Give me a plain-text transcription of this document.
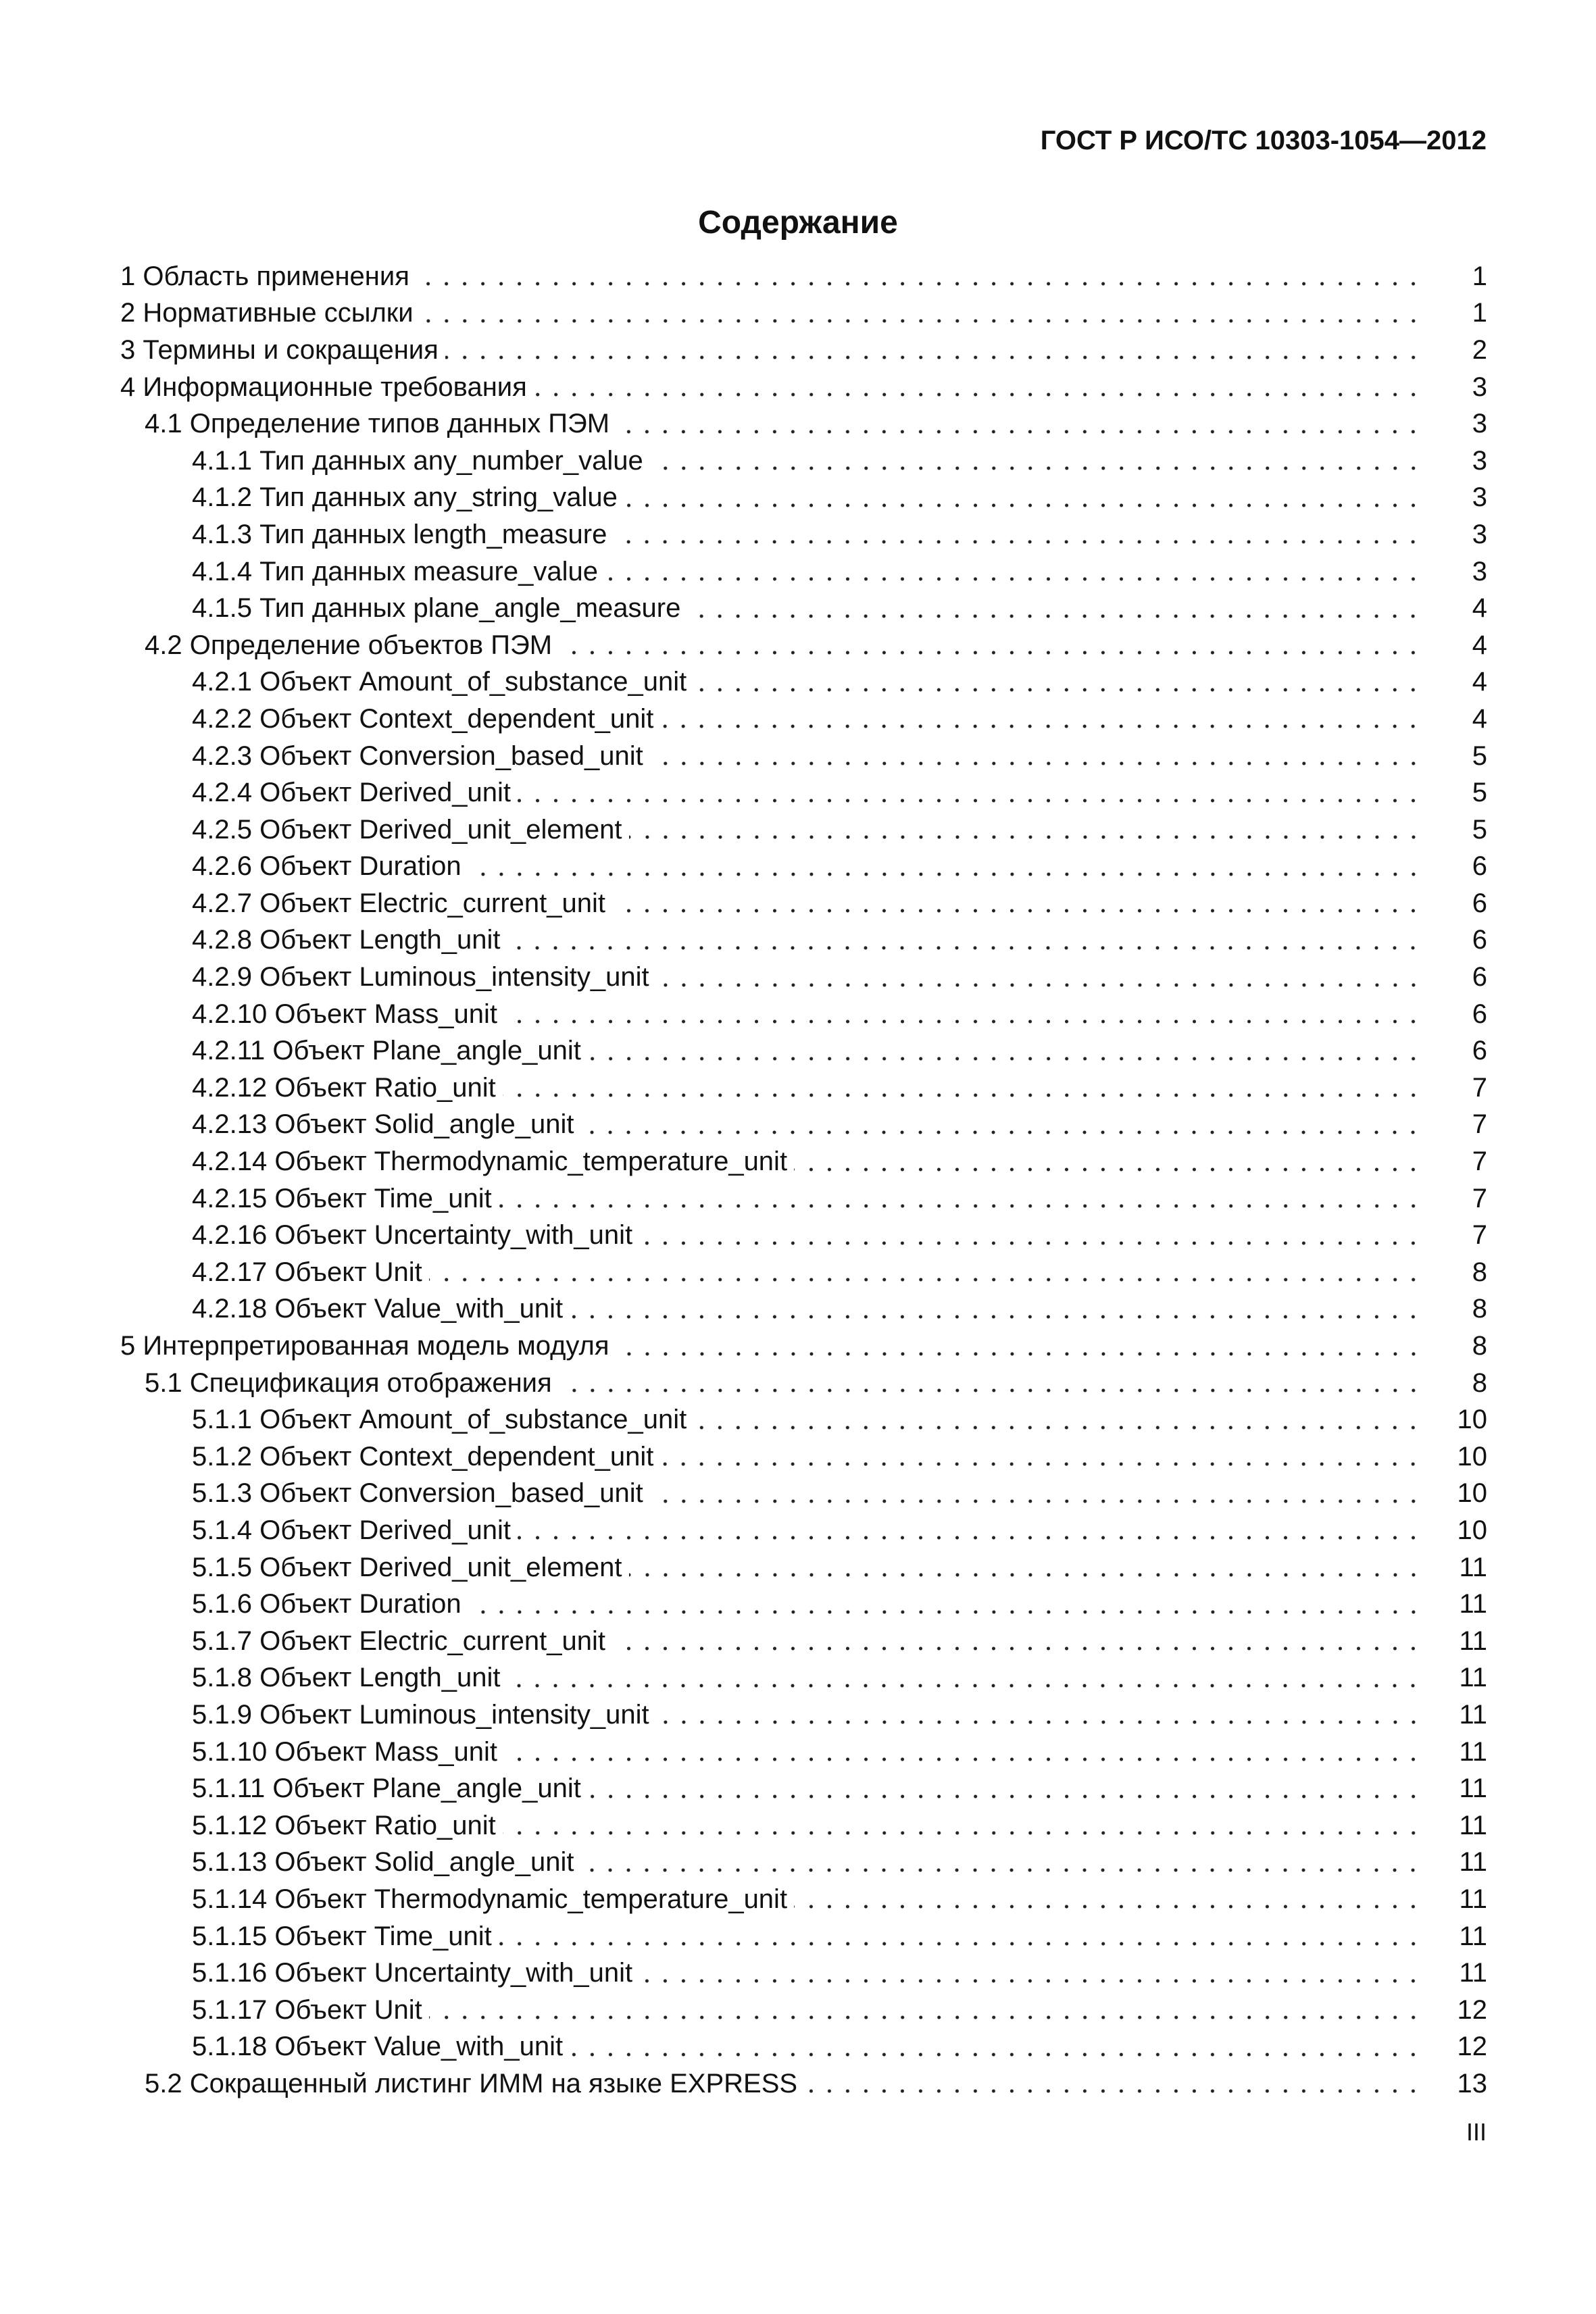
ГОСТ Р ИСО/ТС 10303-1054—2012
Содержание
1 Область применения	1
2 Нормативные ссылки	1
3 Термины и сокращения	2
4 Информационные требования	3
4.1 Определение типов данных ПЭМ	3
4.1.1 Тип данных any_number_value	3
4.1.2 Тип данных any_string_value	3
4.1.3 Тип данных length_measure	3
4.1.4 Тип данных measure_value	3
4.1.5 Тип данных plane_angle_measure	4
4.2 Определение объектов ПЭМ	4
4.2.1 Объект Amount_of_substance_unit	4
4.2.2 Объект Context_dependent_unit	4
4.2.3 Объект Conversion_based_unit	5
4.2.4 Объект Derived_unit	5
4.2.5 Объект Derived_unit_element	5
4.2.6 Объект Duration	6
4.2.7 Объект Electric_current_unit	6
4.2.8 Объект Length_unit	6
4.2.9 Объект Luminous_intensity_unit	6
4.2.10 Объект Mass_unit	6
4.2.11 Объект Plane_angle_unit	6
4.2.12 Объект Ratio_unit	7
4.2.13 Объект Solid_angle_unit	7
4.2.14 Объект Thermodynamic_temperature_unit	7
4.2.15 Объект Time_unit	7
4.2.16 Объект Uncertainty_with_unit	7
4.2.17 Объект Unit	8
4.2.18 Объект Value_with_unit	8
5 Интерпретированная модель модуля	8
5.1 Спецификация отображения	8
5.1.1 Объект Amount_of_substance_unit	10
5.1.2 Объект Context_dependent_unit	10
5.1.3 Объект Conversion_based_unit	10
5.1.4 Объект Derived_unit	10
5.1.5 Объект Derived_unit_element	11
5.1.6 Объект Duration	11
5.1.7 Объект Electric_current_unit	11
5.1.8 Объект Length_unit	11
5.1.9 Объект Luminous_intensity_unit	11
5.1.10 Объект Mass_unit	11
5.1.11 Объект Plane_angle_unit	11
5.1.12 Объект Ratio_unit	11
5.1.13 Объект Solid_angle_unit	11
5.1.14 Объект Thermodynamic_temperature_unit	11
5.1.15 Объект Time_unit	11
5.1.16 Объект Uncertainty_with_unit	11
5.1.17 Объект Unit	12
5.1.18 Объект Value_with_unit	12
5.2 Сокращенный листинг ИММ на языке EXPRESS	13
III
